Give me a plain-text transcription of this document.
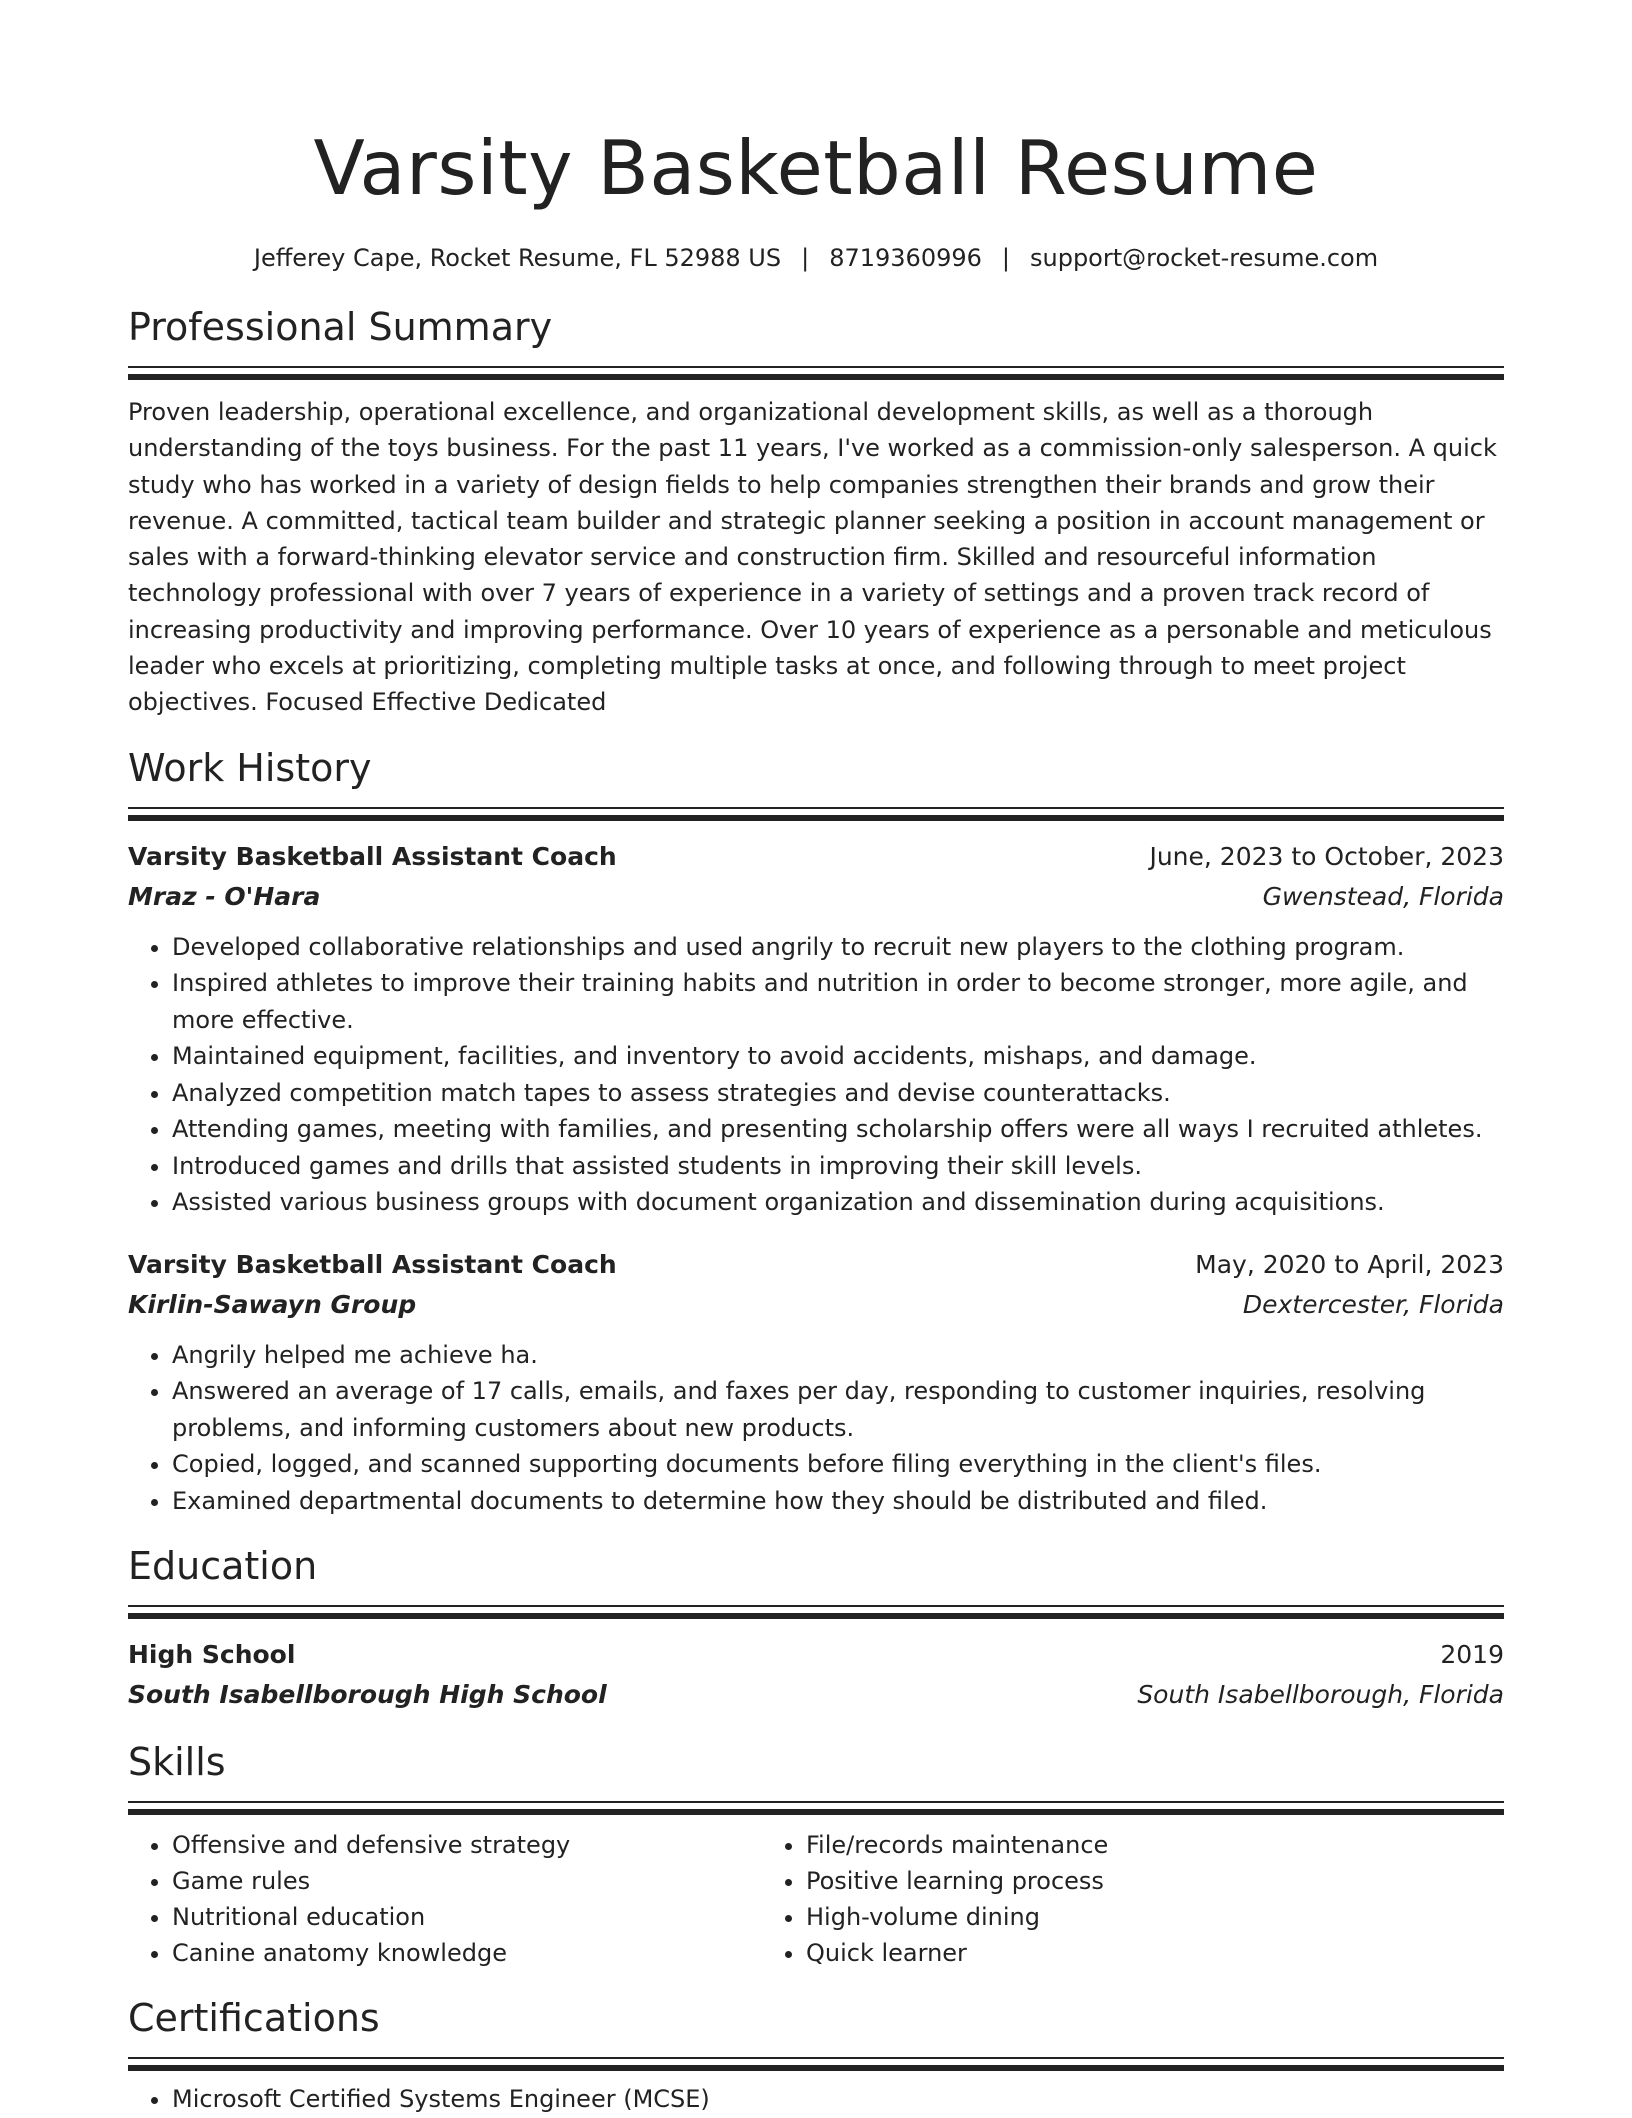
Varsity Basketball Resume
Jefferey Cape, Rocket Resume, FL 52988 US | 8719360996 | support@rocket-resume.com
Professional Summary
Proven leadership, operational excellence, and organizational development skills, as well as a thorough understanding of the toys business. For the past 11 years, I've worked as a commission-only salesperson. A quick study who has worked in a variety of design fields to help companies strengthen their brands and grow their revenue. A committed, tactical team builder and strategic planner seeking a position in account management or sales with a forward-thinking elevator service and construction firm. Skilled and resourceful information technology professional with over 7 years of experience in a variety of settings and a proven track record of increasing productivity and improving performance. Over 10 years of experience as a personable and meticulous leader who excels at prioritizing, completing multiple tasks at once, and following through to meet project objectives. Focused Effective Dedicated
Work History
Varsity Basketball Assistant Coach	June, 2023 to October, 2023
Mraz - O'Hara	Gwenstead, Florida
• Developed collaborative relationships and used angrily to recruit new players to the clothing program.
• Inspired athletes to improve their training habits and nutrition in order to become stronger, more agile, and more effective.
• Maintained equipment, facilities, and inventory to avoid accidents, mishaps, and damage.
• Analyzed competition match tapes to assess strategies and devise counterattacks.
• Attending games, meeting with families, and presenting scholarship offers were all ways I recruited athletes.
• Introduced games and drills that assisted students in improving their skill levels.
• Assisted various business groups with document organization and dissemination during acquisitions.
Varsity Basketball Assistant Coach	May, 2020 to April, 2023
Kirlin-Sawayn Group	Dextercester, Florida
• Angrily helped me achieve ha.
• Answered an average of 17 calls, emails, and faxes per day, responding to customer inquiries, resolving problems, and informing customers about new products.
• Copied, logged, and scanned supporting documents before filing everything in the client's files.
• Examined departmental documents to determine how they should be distributed and filed.
Education
High School	2019
South Isabellborough High School	South Isabellborough, Florida
Skills
• Offensive and defensive strategy
• Game rules
• Nutritional education
• Canine anatomy knowledge
• File/records maintenance
• Positive learning process
• High-volume dining
• Quick learner
Certifications
• Microsoft Certified Systems Engineer (MCSE)
